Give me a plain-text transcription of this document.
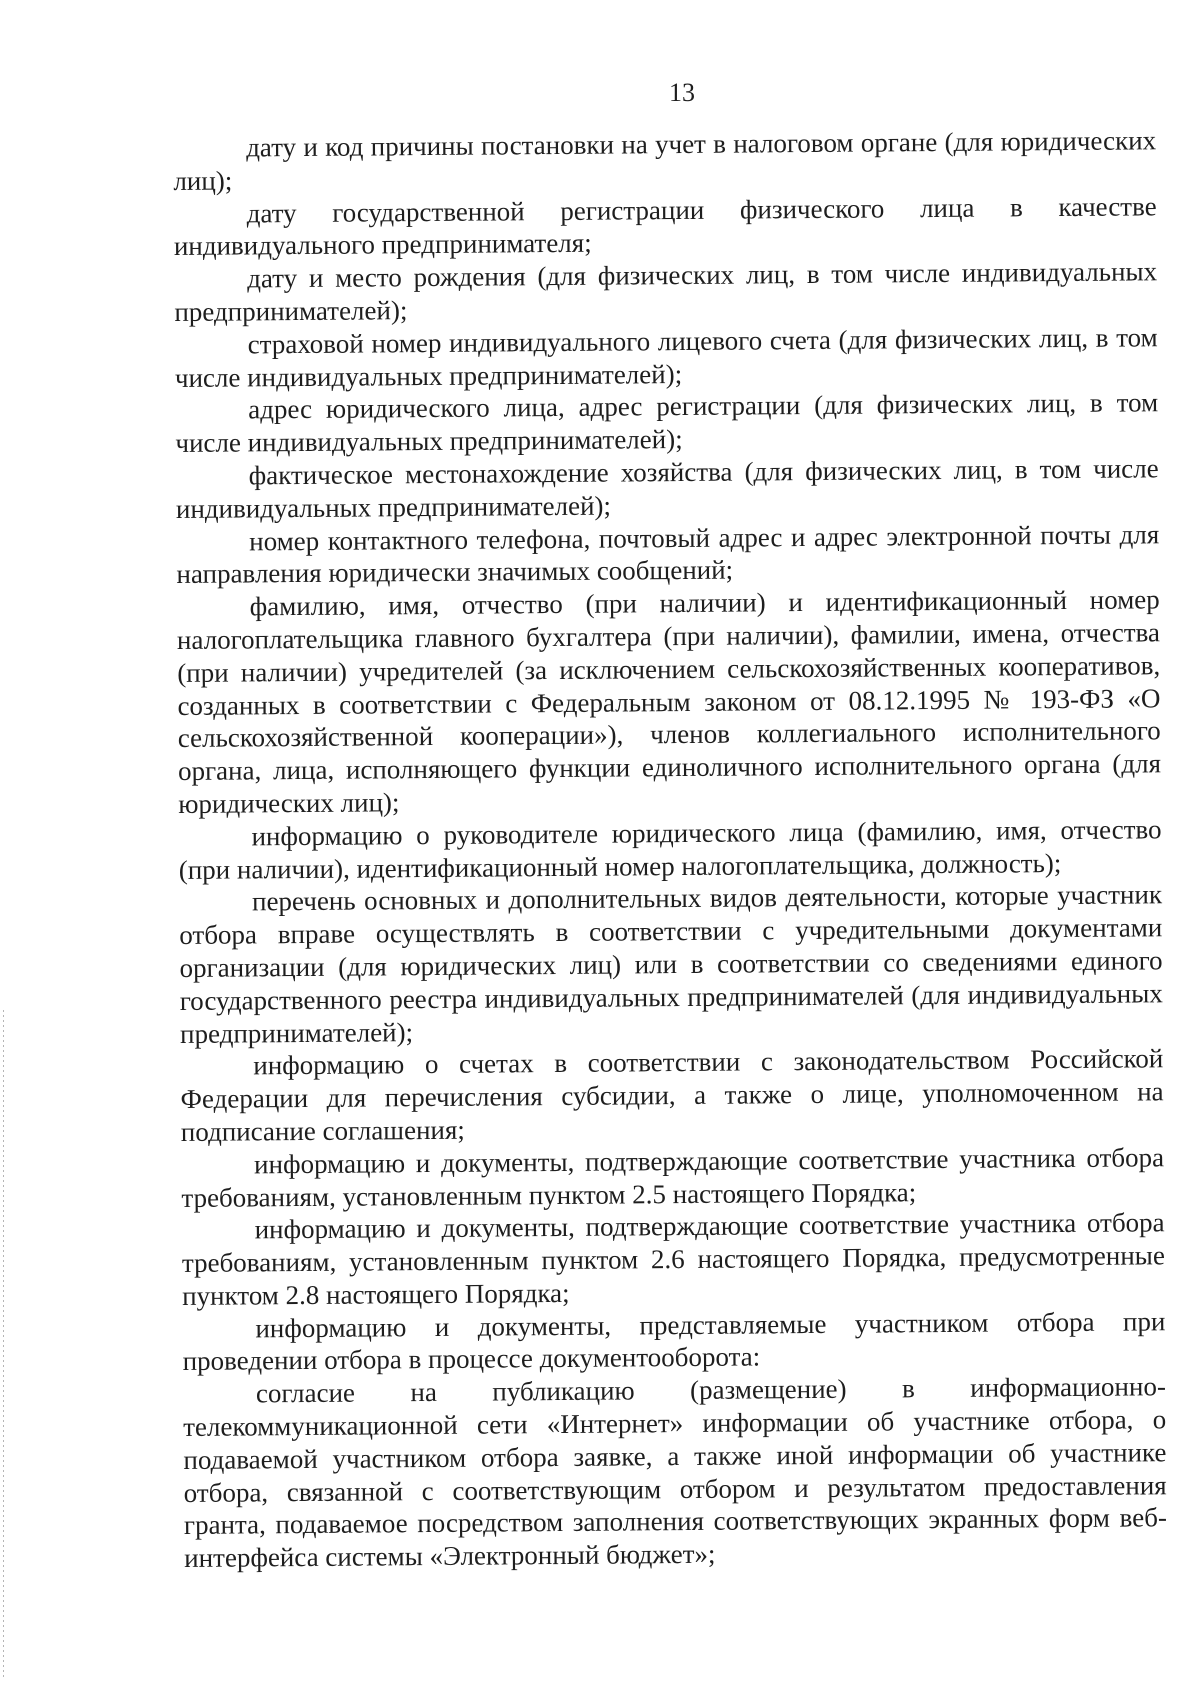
13

дату и код причины постановки на учет в налоговом органе (для юридических лиц);

дату государственной регистрации физического лица в качестве индивидуального предпринимателя;

дату и место рождения (для физических лиц, в том числе индивидуальных предпринимателей);

страховой номер индивидуального лицевого счета (для физических лиц, в том числе индивидуальных предпринимателей);

адрес юридического лица, адрес регистрации (для физических лиц, в том числе индивидуальных предпринимателей);

фактическое местонахождение хозяйства (для физических лиц, в том числе индивидуальных предпринимателей);

номер контактного телефона, почтовый адрес и адрес электронной почты для направления юридически значимых сообщений;

фамилию, имя, отчество (при наличии) и идентификационный номер налогоплательщика главного бухгалтера (при наличии), фамилии, имена, отчества (при наличии) учредителей (за исключением сельскохозяйственных кооперативов, созданных в соответствии с Федеральным законом от 08.12.1995 № 193-ФЗ «О сельскохозяйственной кооперации»), членов коллегиального исполнительного органа, лица, исполняющего функции единоличного исполнительного органа (для юридических лиц);

информацию о руководителе юридического лица (фамилию, имя, отчество (при наличии), идентификационный номер налогоплательщика, должность);

перечень основных и дополнительных видов деятельности, которые участник отбора вправе осуществлять в соответствии с учредительными документами организации (для юридических лиц) или в соответствии со сведениями единого государственного реестра индивидуальных предпринимателей (для индивидуальных предпринимателей);

информацию о счетах в соответствии с законодательством Российской Федерации для перечисления субсидии, а также о лице, уполномоченном на подписание соглашения;

информацию и документы, подтверждающие соответствие участника отбора требованиям, установленным пунктом 2.5 настоящего Порядка;

информацию и документы, подтверждающие соответствие участника отбора требованиям, установленным пунктом 2.6 настоящего Порядка, предусмотренные пунктом 2.8 настоящего Порядка;

информацию и документы, представляемые участником отбора при проведении отбора в процессе документооборота:

согласие на публикацию (размещение) в информационно-телекоммуникационной сети «Интернет» информации об участнике отбора, о подаваемой участником отбора заявке, а также иной информации об участнике отбора, связанной с соответствующим отбором и результатом предоставления гранта, подаваемое посредством заполнения соответствующих экранных форм веб-интерфейса системы «Электронный бюджет»;
